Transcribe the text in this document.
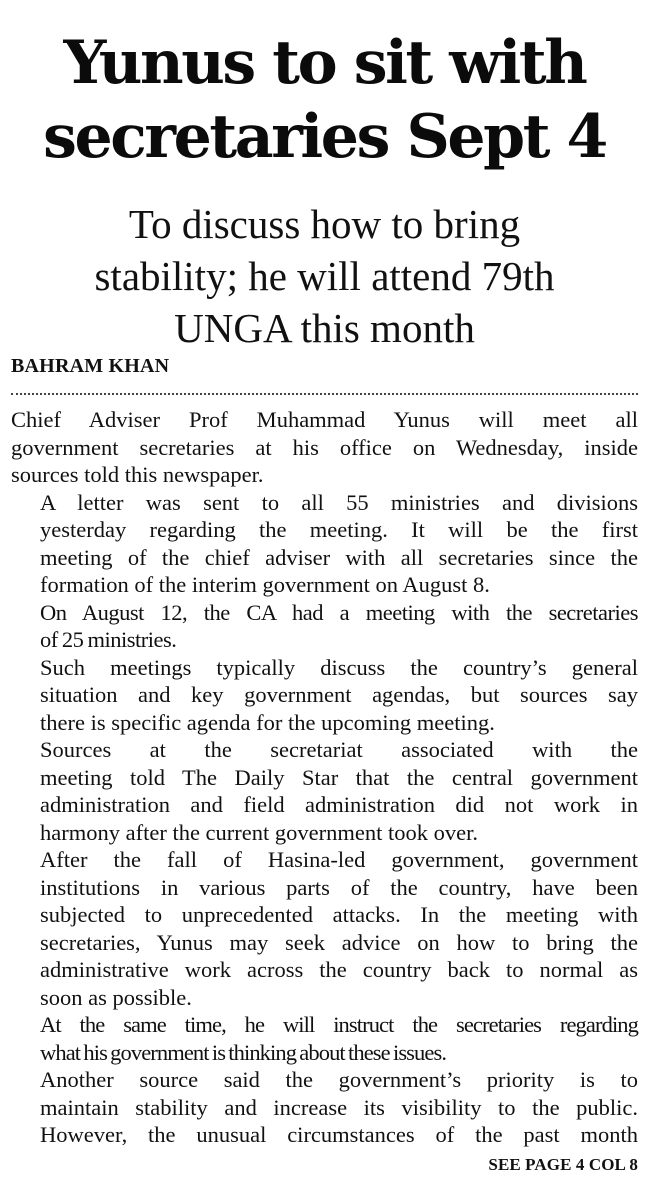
Yunus to sit with
secretaries Sept 4
To discuss how to bring
stability; he will attend 79th
UNGA this month
BAHRAM KHAN

Chief Adviser Prof Muhammad Yunus will meet all
government secretaries at his office on Wednesday, inside
sources told this newspaper.

A letter was sent to all 55 ministries and divisions
yesterday regarding the meeting. It will be the first
meeting of the chief adviser with all secretaries since the
formation of the interim government on August 8.

On August 12, the CA had a meeting with the secretaries
of 25 ministries.

Such meetings typically discuss the country’s general
situation and key government agendas, but sources say
there is specific agenda for the upcoming meeting.

Sources at the secretariat associated with the
meeting told The Daily Star that the central government
administration and field administration did not work in
harmony after the current government took over.

After the fall of Hasina-led government, government
institutions in various parts of the country, have been
subjected to unprecedented attacks. In the meeting with
secretaries, Yunus may seek advice on how to bring the
administrative work across the country back to normal as
soon as possible.

At the same time, he will instruct the secretaries regarding
what his government is thinking about these issues.

Another source said the government’s priority is to
maintain stability and increase its visibility to the public.
However, the unusual circumstances of the past month

SEE PAGE 4 COL 8
